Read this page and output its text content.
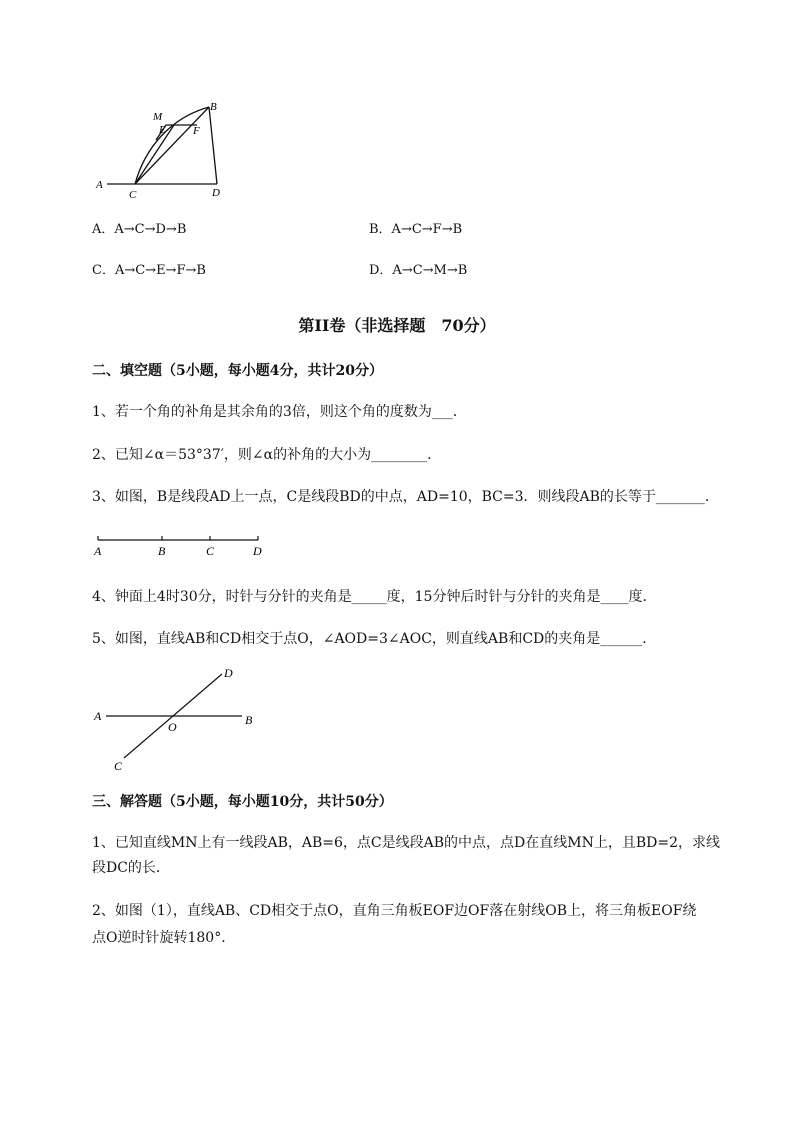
M
B
E F
A
C	D
A．A→C→D→B	B．A→C→F→B
C．A→C→E→F→B	D．A→C→M→B
第II卷（非选择题　70分）
二、填空题（5小题，每小题4分，共计20分）
1、若一个角的补角是其余角的3倍，则这个角的度数为___．
2、已知∠α＝53°37′，则∠α的补角的大小为________．
3、如图，B是线段AD上一点，C是线段BD的中点，AD=10，BC=3．则线段AB的长等于_______．
A	B	C	D
4、钟面上4时30分，时针与分针的夹角是_____度，15分钟后时针与分针的夹角是____度．
5、如图，直线AB和CD相交于点O，∠AOD=3∠AOC，则直线AB和CD的夹角是______．
D
A	B
O
C
三、解答题（5小题，每小题10分，共计50分）
1、已知直线MN上有一线段AB，AB=6，点C是线段AB的中点，点D在直线MN上，且BD=2，求线
段DC的长．
2、如图（1），直线AB、CD相交于点O，直角三角板EOF边OF落在射线OB上，将三角板EOF绕
点O逆时针旋转180°．
